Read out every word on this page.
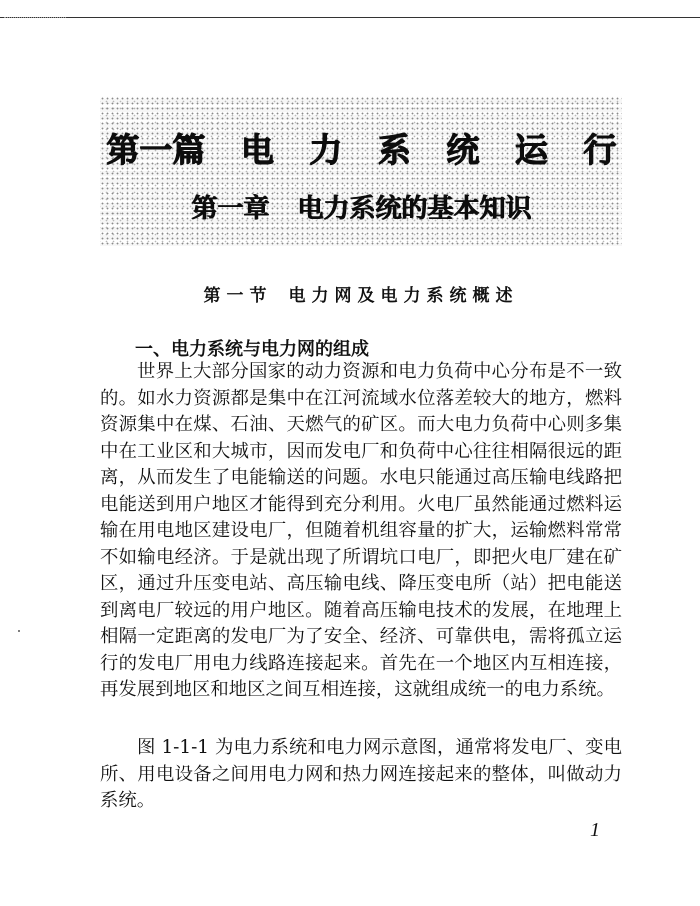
第一篇 电 力 系 统 运 行
第一章 电力系统的基本知识
第一节 电力网及电力系统概述
一、电力系统与电力网的组成

世界上大部分国家的动力资源和电力负荷中心分布是不一致的。如水力资源都是集中在江河流域水位落差较大的地方，燃料资源集中在煤、石油、天燃气的矿区。而大电力负荷中心则多集中在工业区和大城市，因而发电厂和负荷中心往往相隔很远的距离，从而发生了电能输送的问题。水电只能通过高压输电线路把电能送到用户地区才能得到充分利用。火电厂虽然能通过燃料运输在用电地区建设电厂，但随着机组容量的扩大，运输燃料常常不如输电经济。于是就出现了所谓坑口电厂，即把火电厂建在矿区，通过升压变电站、高压输电线、降压变电所（站）把电能送到离电厂较远的用户地区。随着高压输电技术的发展，在地理上相隔一定距离的发电厂为了安全、经济、可靠供电，需将孤立运行的发电厂用电力线路连接起来。首先在一个地区内互相连接，再发展到地区和地区之间互相连接，这就组成统一的电力系统。

图 1-1-1 为电力系统和电力网示意图，通常将发电厂、变电所、用电设备之间用电力网和热力网连接起来的整体，叫做动力系统。

1
